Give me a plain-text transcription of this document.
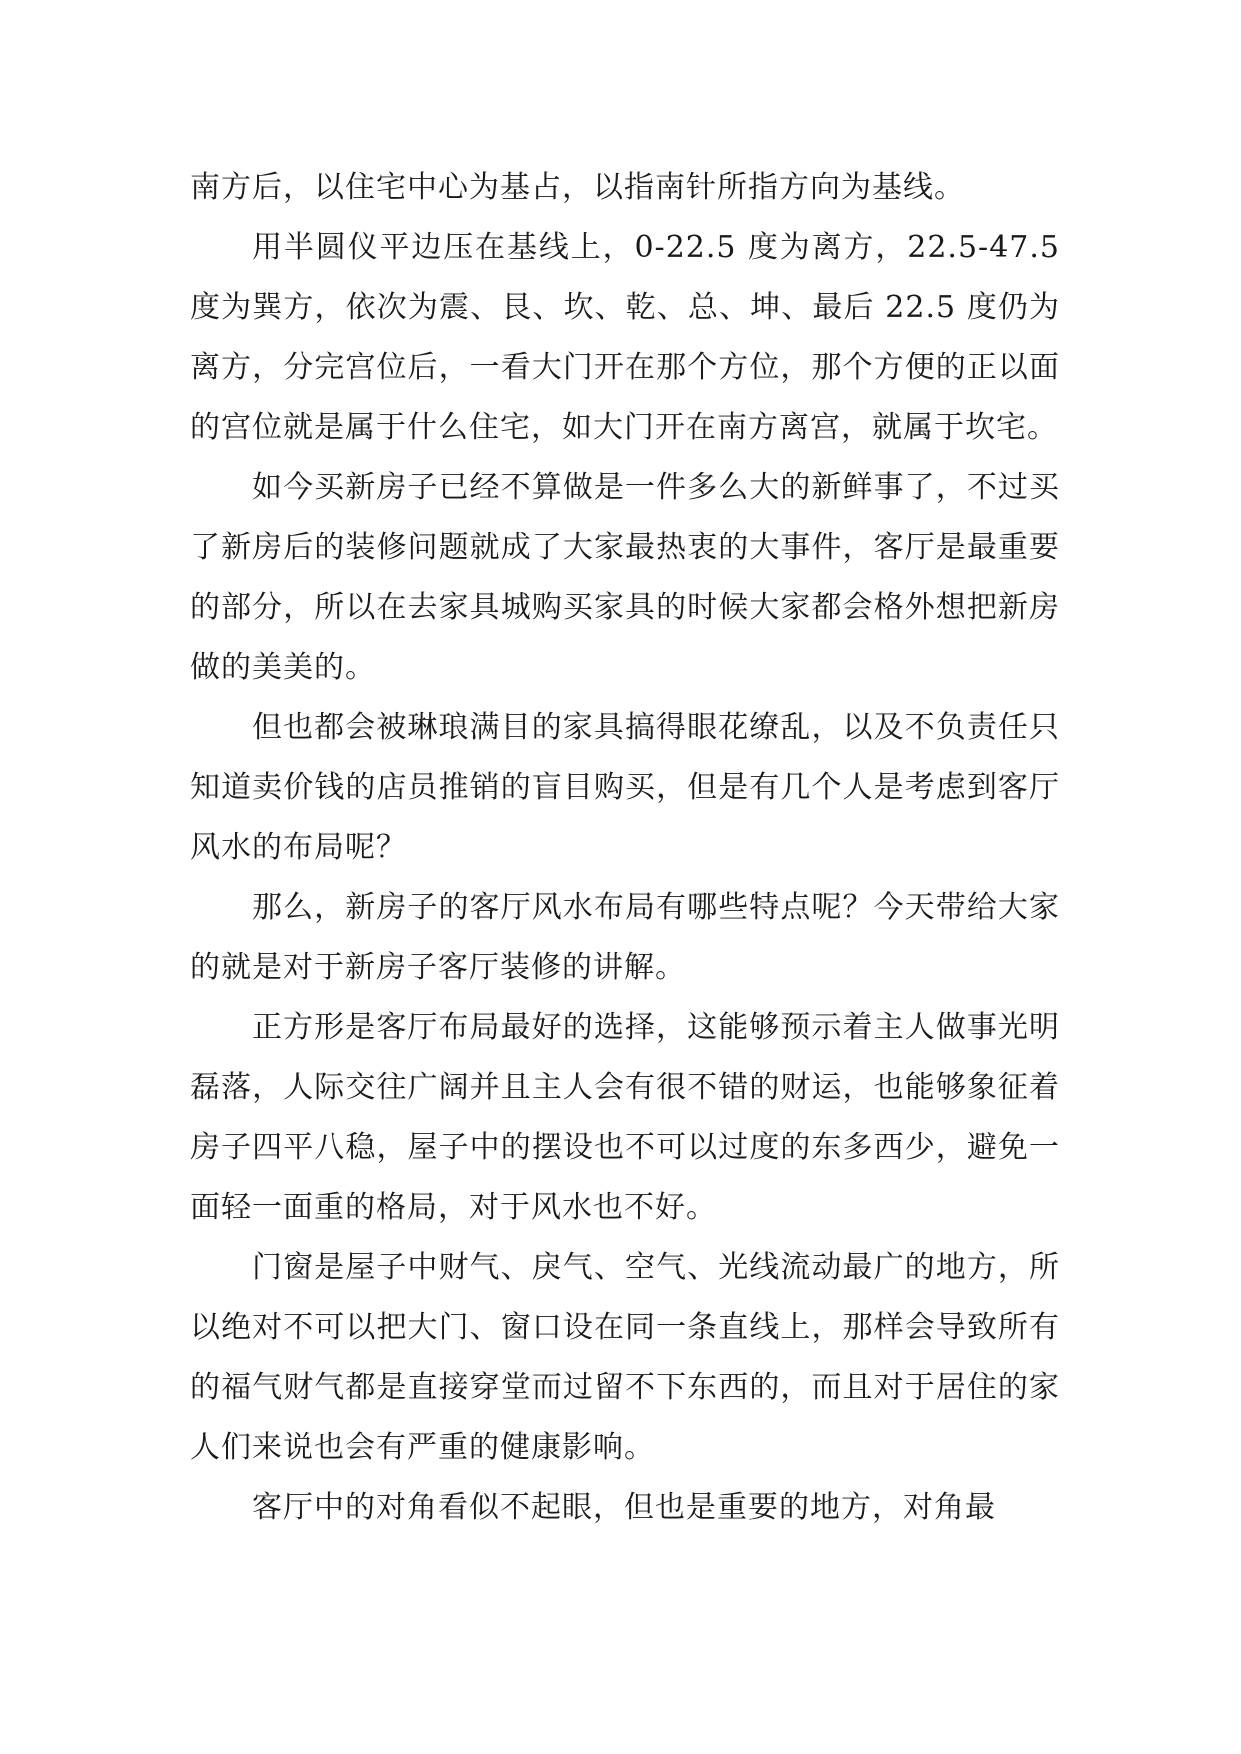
南方后，以住宅中心为基占，以指南针所指方向为基线。

用半圆仪平边压在基线上，0-22.5 度为离方，22.5-47.5 度为巽方，依次为震、艮、坎、乾、总、坤、最后 22.5 度仍为离方，分完宫位后，一看大门开在那个方位，那个方便的正以面的宫位就是属于什么住宅，如大门开在南方离宫，就属于坎宅。

如今买新房子已经不算做是一件多么大的新鲜事了，不过买了新房后的装修问题就成了大家最热衷的大事件，客厅是最重要的部分，所以在去家具城购买家具的时候大家都会格外想把新房做的美美的。

但也都会被琳琅满目的家具搞得眼花缭乱，以及不负责任只知道卖价钱的店员推销的盲目购买，但是有几个人是考虑到客厅风水的布局呢？

那么，新房子的客厅风水布局有哪些特点呢？今天带给大家的就是对于新房子客厅装修的讲解。

正方形是客厅布局最好的选择，这能够预示着主人做事光明磊落，人际交往广阔并且主人会有很不错的财运，也能够象征着房子四平八稳，屋子中的摆设也不可以过度的东多西少，避免一面轻一面重的格局，对于风水也不好。

门窗是屋子中财气、戾气、空气、光线流动最广的地方，所以绝对不可以把大门、窗口设在同一条直线上，那样会导致所有的福气财气都是直接穿堂而过留不下东西的，而且对于居住的家人们来说也会有严重的健康影响。

客厅中的对角看似不起眼，但也是重要的地方，对角最
